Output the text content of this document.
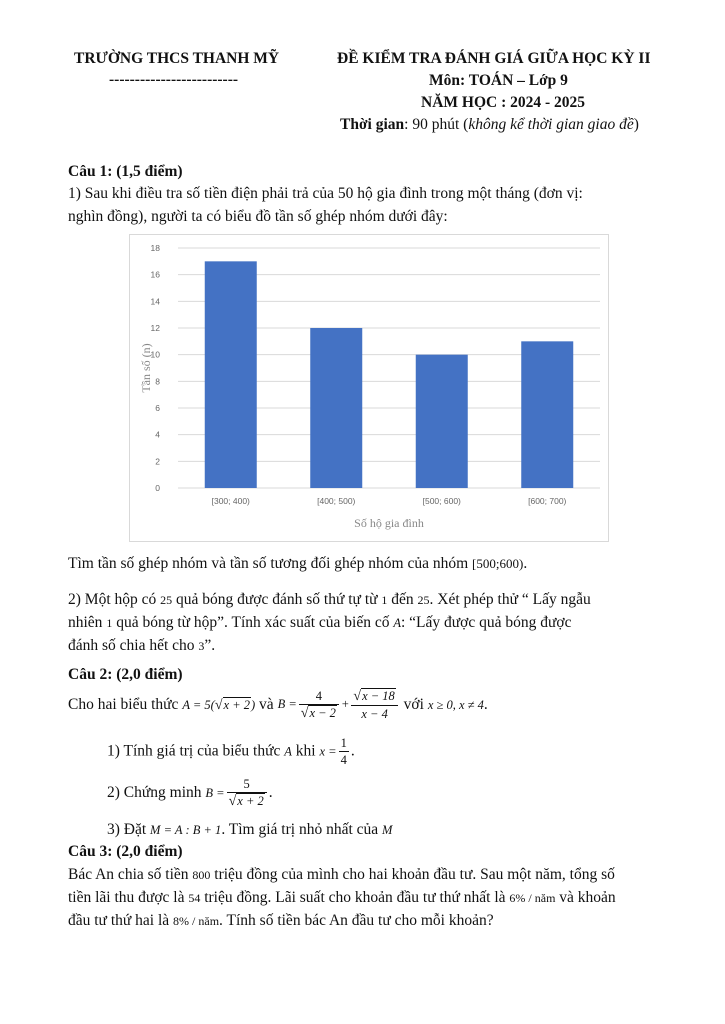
TRƯỜNG THCS THANH MỸ
-------------------------
ĐỀ KIỂM TRA ĐÁNH GIÁ GIỮA HỌC KỲ II
Môn: TOÁN – Lớp 9
NĂM HỌC : 2024 - 2025
Thời gian: 90 phút (không kể thời gian giao đề)
Câu 1: (1,5 điểm)
1) Sau khi điều tra số tiền điện phải trả của 50 hộ gia đình trong một tháng (đơn vị:
nghìn đồng), người ta có biểu đồ tần số ghép nhóm dưới đây:
0
2
4
6
8
10
12
14
16
18
[300; 400)	[400; 500)	[500; 600)	[600; 700)
Số hộ gia đình
Tần số (n)
Tìm tần số ghép nhóm và tần số tương đối ghép nhóm của nhóm [500;600).
2) Một hộp có 25 quả bóng được đánh số thứ tự từ 1 đến 25. Xét phép thử “ Lấy ngẫu
nhiên 1 quả bóng từ hộp”. Tính xác suất của biến cố A: “Lấy được quả bóng được
đánh số chia hết cho 3”.
Câu 2: (2,0 điểm)
Cho hai biểu thức A = 5(√x + 2) và $B = \frac{4}{√x - 2} + \frac{√x - 18}{x - 4}$ với x ≥ 0, x ≠ 4.
1) Tính giá trị của biểu thức A khi $x = \frac{1}{4}$ .
2) Chứng minh $B = \frac{5}{√x + 2}$ .
3) Đặt M = A : B + 1. Tìm giá trị nhỏ nhất của M
Câu 3: (2,0 điểm)
Bác An chia số tiền 800 triệu đồng của mình cho hai khoản đầu tư. Sau một năm, tổng số
tiền lãi thu được là 54 triệu đồng. Lãi suất cho khoản đầu tư thứ nhất là 6% / năm và khoản
đầu tư thứ hai là 8% / năm. Tính số tiền bác An đầu tư cho mỗi khoản?
